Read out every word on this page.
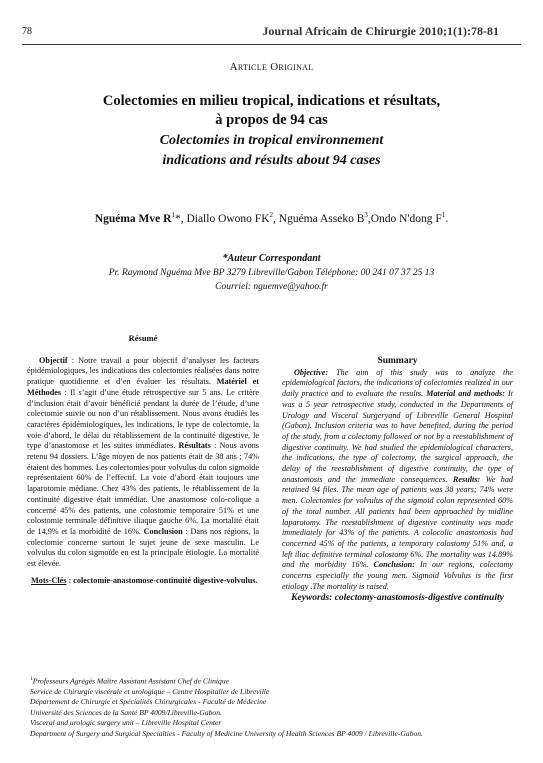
78	Journal Africain de Chirurgie 2010;1(1):78-81
Article Original
Colectomies en milieu tropical, indications et résultats,
à propos de 94 cas
Colectomies in tropical environnement
indications and résults about 94 cases
Nguéma Mve $R^1*$, Diallo Owono $FK^2$, Nguéma Asseko $B^3,Ondo$ N'dong $F^1$.
*Auteur Correspondant
Pr. Raymond Nguéma Mve BP 3279 Libreville/Gabon Téléphone: 00 241 07 37 25 13
Courriel: nguemve@yahoo.fr
Résumé
Objectif : Notre travail a pour objectif d’analyser les facteurs épidémiologiques, les indications des colectomies réalisées dans notre pratique quotidienne et d’en évaluer les résultats. Matériel et Méthodes : Il s’agit d’une étude rétrospective sur 5 ans. Le critère d’inclusion était d’avoir bénéficié pendant la durée de l’étude, d’une colectomie suivie ou non d’un rétablissement. Nous avons étudiés les caractères épidémiologiques, les indications, le type de colectomie, la voie d’abord, le délai du rétablissement de la continuité digestive, le type d’anastomose et les suites immédiates. Résultats : Nous avons retenu 94 dossiers. L’âge moyen de nos patients était de 38 ans ; 74% étaient des hommes. Les colectomies pour volvulus du colon sigmoïde représentaient 60% de l’effectif. La voie d’abord était toujours une laparotomie médiane. Chez 43% des patients, le rétablissement de la continuité digestive était immédiat. Une anastomose colo-colique a concerné 45% des patients, une colostomie temporaire 51% et une colostomie terminale définitive iliaque gauche 6%. La mortalité était de 14,9% et la morbidité de 16%. Conclusion : Dans nos régions, la colectomie concerne surtout le sujet jeune de sexe masculin. Le volvulus du colon sigmoïde en est la principale étiologie. La mortalité est élevée.
Mots-Clés : colectomie-anastomose-continuité digestive-volvulus.
Summary
Objective: The aim of this study was to analyze the epidemiological factors, the indications of colectomies realized in our daily practice and to evaluate the results. Material and methods: It was a 5 year retrospective study, conducted in the Departments of Urology and Visceral Surgeryand of Libreville General Hospital (Gabon). Inclusion criteria was to have benefited, during the period of the study, from a colectomy followed or not by a reestablishment of digestive continuity. We had studied the epidemiological characters, the indications, the type of colectomy, the surgical approach, the delay of the reestablishment of digestive continuity, the type of anastomosis and the immediate consequences. Results: We had retained 94 files. The mean age of patients was 38 years; 74% were men. Colectomies for volvulus of the sigmoid colon represented 60% of the total number. All patients had been approached by midline laparotomy. The reestablishment of digestive continuity was made immediately for 43% of the patients. A colocolic anastomosis had concerned 45% of the patients, a temporary colostomy 51% and, a left iliac definitive terminal colostomy 6%. The mortality was 14.89% and the morbidity 16%. Conclusion: In our regions, colectomy concerns especially the young men. Sigmoid Volvulus is the first etiology .The mortality is raised.
Keywords: colectomy-anastomosis-digestive continuity
$^1$Professeurs Agrégés Maître Assistant Assistant Chef de Clinique
Service de Chirurgie viscérale et urologique – Centre Hospitalier de Libreville
Département de Chirurgie et Spécialités Chirurgicales - Faculté de Médecine
Université des Sciences de la Santé BP 4009/Libreville-Gabon.
Visceral and urologic surgery unit – Libreville Hospital Center
Department of Surgery and Surgical Specialties - Faculty of Medicine University of Health Sciences BP 4009 / Libreville-Gabon.
